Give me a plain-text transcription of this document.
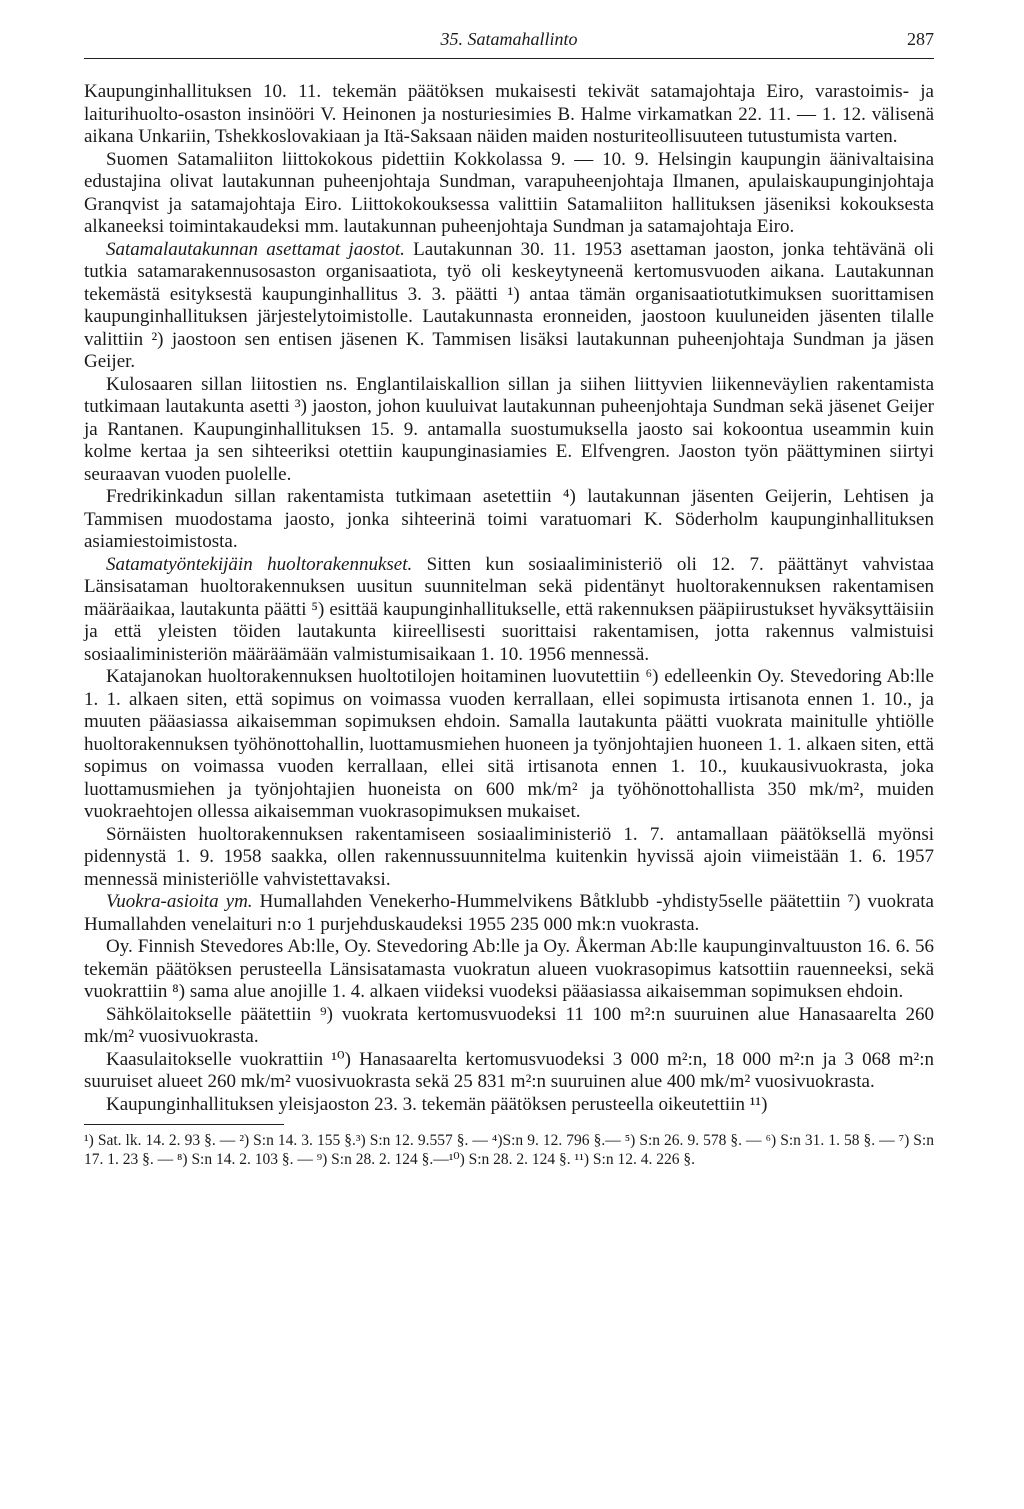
35. Satamahallinto	287

Kaupunginhallituksen 10. 11. tekemän päätöksen mukaisesti tekivät satamajohtaja Eiro, varastoimis- ja laiturihuolto-osaston insinööri V. Heinonen ja nosturiesimies B. Halme virkamatkan 22. 11. — 1. 12. välisenä aikana Unkariin, Tshekkoslovakiaan ja Itä-Saksaan näiden maiden nosturiteollisuuteen tutustumista varten.

Suomen Satamaliiton liittokokous pidettiin Kokkolassa 9. — 10. 9. Helsingin kaupungin äänivaltaisina edustajina olivat lautakunnan puheenjohtaja Sundman, varapuheenjohtaja Ilmanen, apulaiskaupunginjohtaja Granqvist ja satamajohtaja Eiro. Liittokokouksessa valittiin Satamaliiton hallituksen jäseniksi kokouksesta alkaneeksi toimintakaudeksi mm. lautakunnan puheenjohtaja Sundman ja satamajohtaja Eiro.

Satamalautakunnan asettamat jaostot. Lautakunnan 30. 11. 1953 asettaman jaoston, jonka tehtävänä oli tutkia satamarakennusosaston organisaatiota, työ oli keskeytyneenä kertomusvuoden aikana. Lautakunnan tekemästä esityksestä kaupunginhallitus 3. 3. päätti ¹) antaa tämän organisaatiotutkimuksen suorittamisen kaupunginhallituksen järjestelytoimistolle. Lautakunnasta eronneiden, jaostoon kuuluneiden jäsenten tilalle valittiin ²) jaostoon sen entisen jäsenen K. Tammisen lisäksi lautakunnan puheenjohtaja Sundman ja jäsen Geijer.

Kulosaaren sillan liitostien ns. Englantilaiskallion sillan ja siihen liittyvien liikenneväylien rakentamista tutkimaan lautakunta asetti ³) jaoston, johon kuuluivat lautakunnan puheenjohtaja Sundman sekä jäsenet Geijer ja Rantanen. Kaupunginhallituksen 15. 9. antamalla suostumuksella jaosto sai kokoontua useammin kuin kolme kertaa ja sen sihteeriksi otettiin kaupunginasiamies E. Elfvengren. Jaoston työn päättyminen siirtyi seuraavan vuoden puolelle.

Fredrikinkadun sillan rakentamista tutkimaan asetettiin ⁴) lautakunnan jäsenten Geijerin, Lehtisen ja Tammisen muodostama jaosto, jonka sihteerinä toimi varatuomari K. Söderholm kaupunginhallituksen asiamiestoimistosta.

Satamatyöntekijäin huoltorakennukset. Sitten kun sosiaaliministeriö oli 12. 7. päättänyt vahvistaa Länsisataman huoltorakennuksen uusitun suunnitelman sekä pidentänyt huoltorakennuksen rakentamisen määräaikaa, lautakunta päätti ⁵) esittää kaupunginhallitukselle, että rakennuksen pääpiirustukset hyväksyttäisiin ja että yleisten töiden lautakunta kiireellisesti suorittaisi rakentamisen, jotta rakennus valmistuisi sosiaaliministeriön määräämään valmistumisaikaan 1. 10. 1956 mennessä.

Katajanokan huoltorakennuksen huoltotilojen hoitaminen luovutettiin ⁶) edelleenkin Oy. Stevedoring Ab:lle 1. 1. alkaen siten, että sopimus on voimassa vuoden kerrallaan, ellei sopimusta irtisanota ennen 1. 10., ja muuten pääasiassa aikaisemman sopimuksen ehdoin. Samalla lautakunta päätti vuokrata mainitulle yhtiölle huoltorakennuksen työhönottohallin, luottamusmiehen huoneen ja työnjohtajien huoneen 1. 1. alkaen siten, että sopimus on voimassa vuoden kerrallaan, ellei sitä irtisanota ennen 1. 10., kuukausivuokrasta, joka luottamusmiehen ja työnjohtajien huoneista on 600 mk/m² ja työhönottohallista 350 mk/m², muiden vuokraehtojen ollessa aikaisemman vuokrasopimuksen mukaiset.

Sörnäisten huoltorakennuksen rakentamiseen sosiaaliministeriö 1. 7. antamallaan päätöksellä myönsi pidennystä 1. 9. 1958 saakka, ollen rakennussuunnitelma kuitenkin hyvissä ajoin viimeistään 1. 6. 1957 mennessä ministeriölle vahvistettavaksi.

Vuokra-asioita ym. Humallahden Venekerho-Hummelvikens Båtklubb -yhdisty5selle päätettiin ⁷) vuokrata Humallahden venelaituri n:o 1 purjehduskaudeksi 1955 235 000 mk:n vuokrasta.

Oy. Finnish Stevedores Ab:lle, Oy. Stevedoring Ab:lle ja Oy. Åkerman Ab:lle kaupunginvaltuuston 16. 6. 56 tekemän päätöksen perusteella Länsisatamasta vuokratun alueen vuokrasopimus katsottiin rauenneeksi, sekä vuokrattiin ⁸) sama alue anojille 1. 4. alkaen viideksi vuodeksi pääasiassa aikaisemman sopimuksen ehdoin.

Sähkölaitokselle päätettiin ⁹) vuokrata kertomusvuodeksi 11 100 m²:n suuruinen alue Hanasaarelta 260 mk/m² vuosivuokrasta.

Kaasulaitokselle vuokrattiin ¹⁰) Hanasaarelta kertomusvuodeksi 3 000 m²:n, 18 000 m²:n ja 3 068 m²:n suuruiset alueet 260 mk/m² vuosivuokrasta sekä 25 831 m²:n suuruinen alue 400 mk/m² vuosivuokrasta.

Kaupunginhallituksen yleisjaoston 23. 3. tekemän päätöksen perusteella oikeutettiin ¹¹)

¹) Sat. lk. 14. 2. 93 §. — ²) S:n 14. 3. 155 §.³) S:n 12. 9.557 §. — ⁴)S:n 9. 12. 796 §.— ⁵) S:n 26. 9. 578 §. — ⁶) S:n 31. 1. 58 §. — ⁷) S:n 17. 1. 23 §. — ⁸) S:n 14. 2. 103 §. — ⁹) S:n 28. 2. 124 §.—¹⁰) S:n 28. 2. 124 §. ¹¹) S:n 12. 4. 226 §.
